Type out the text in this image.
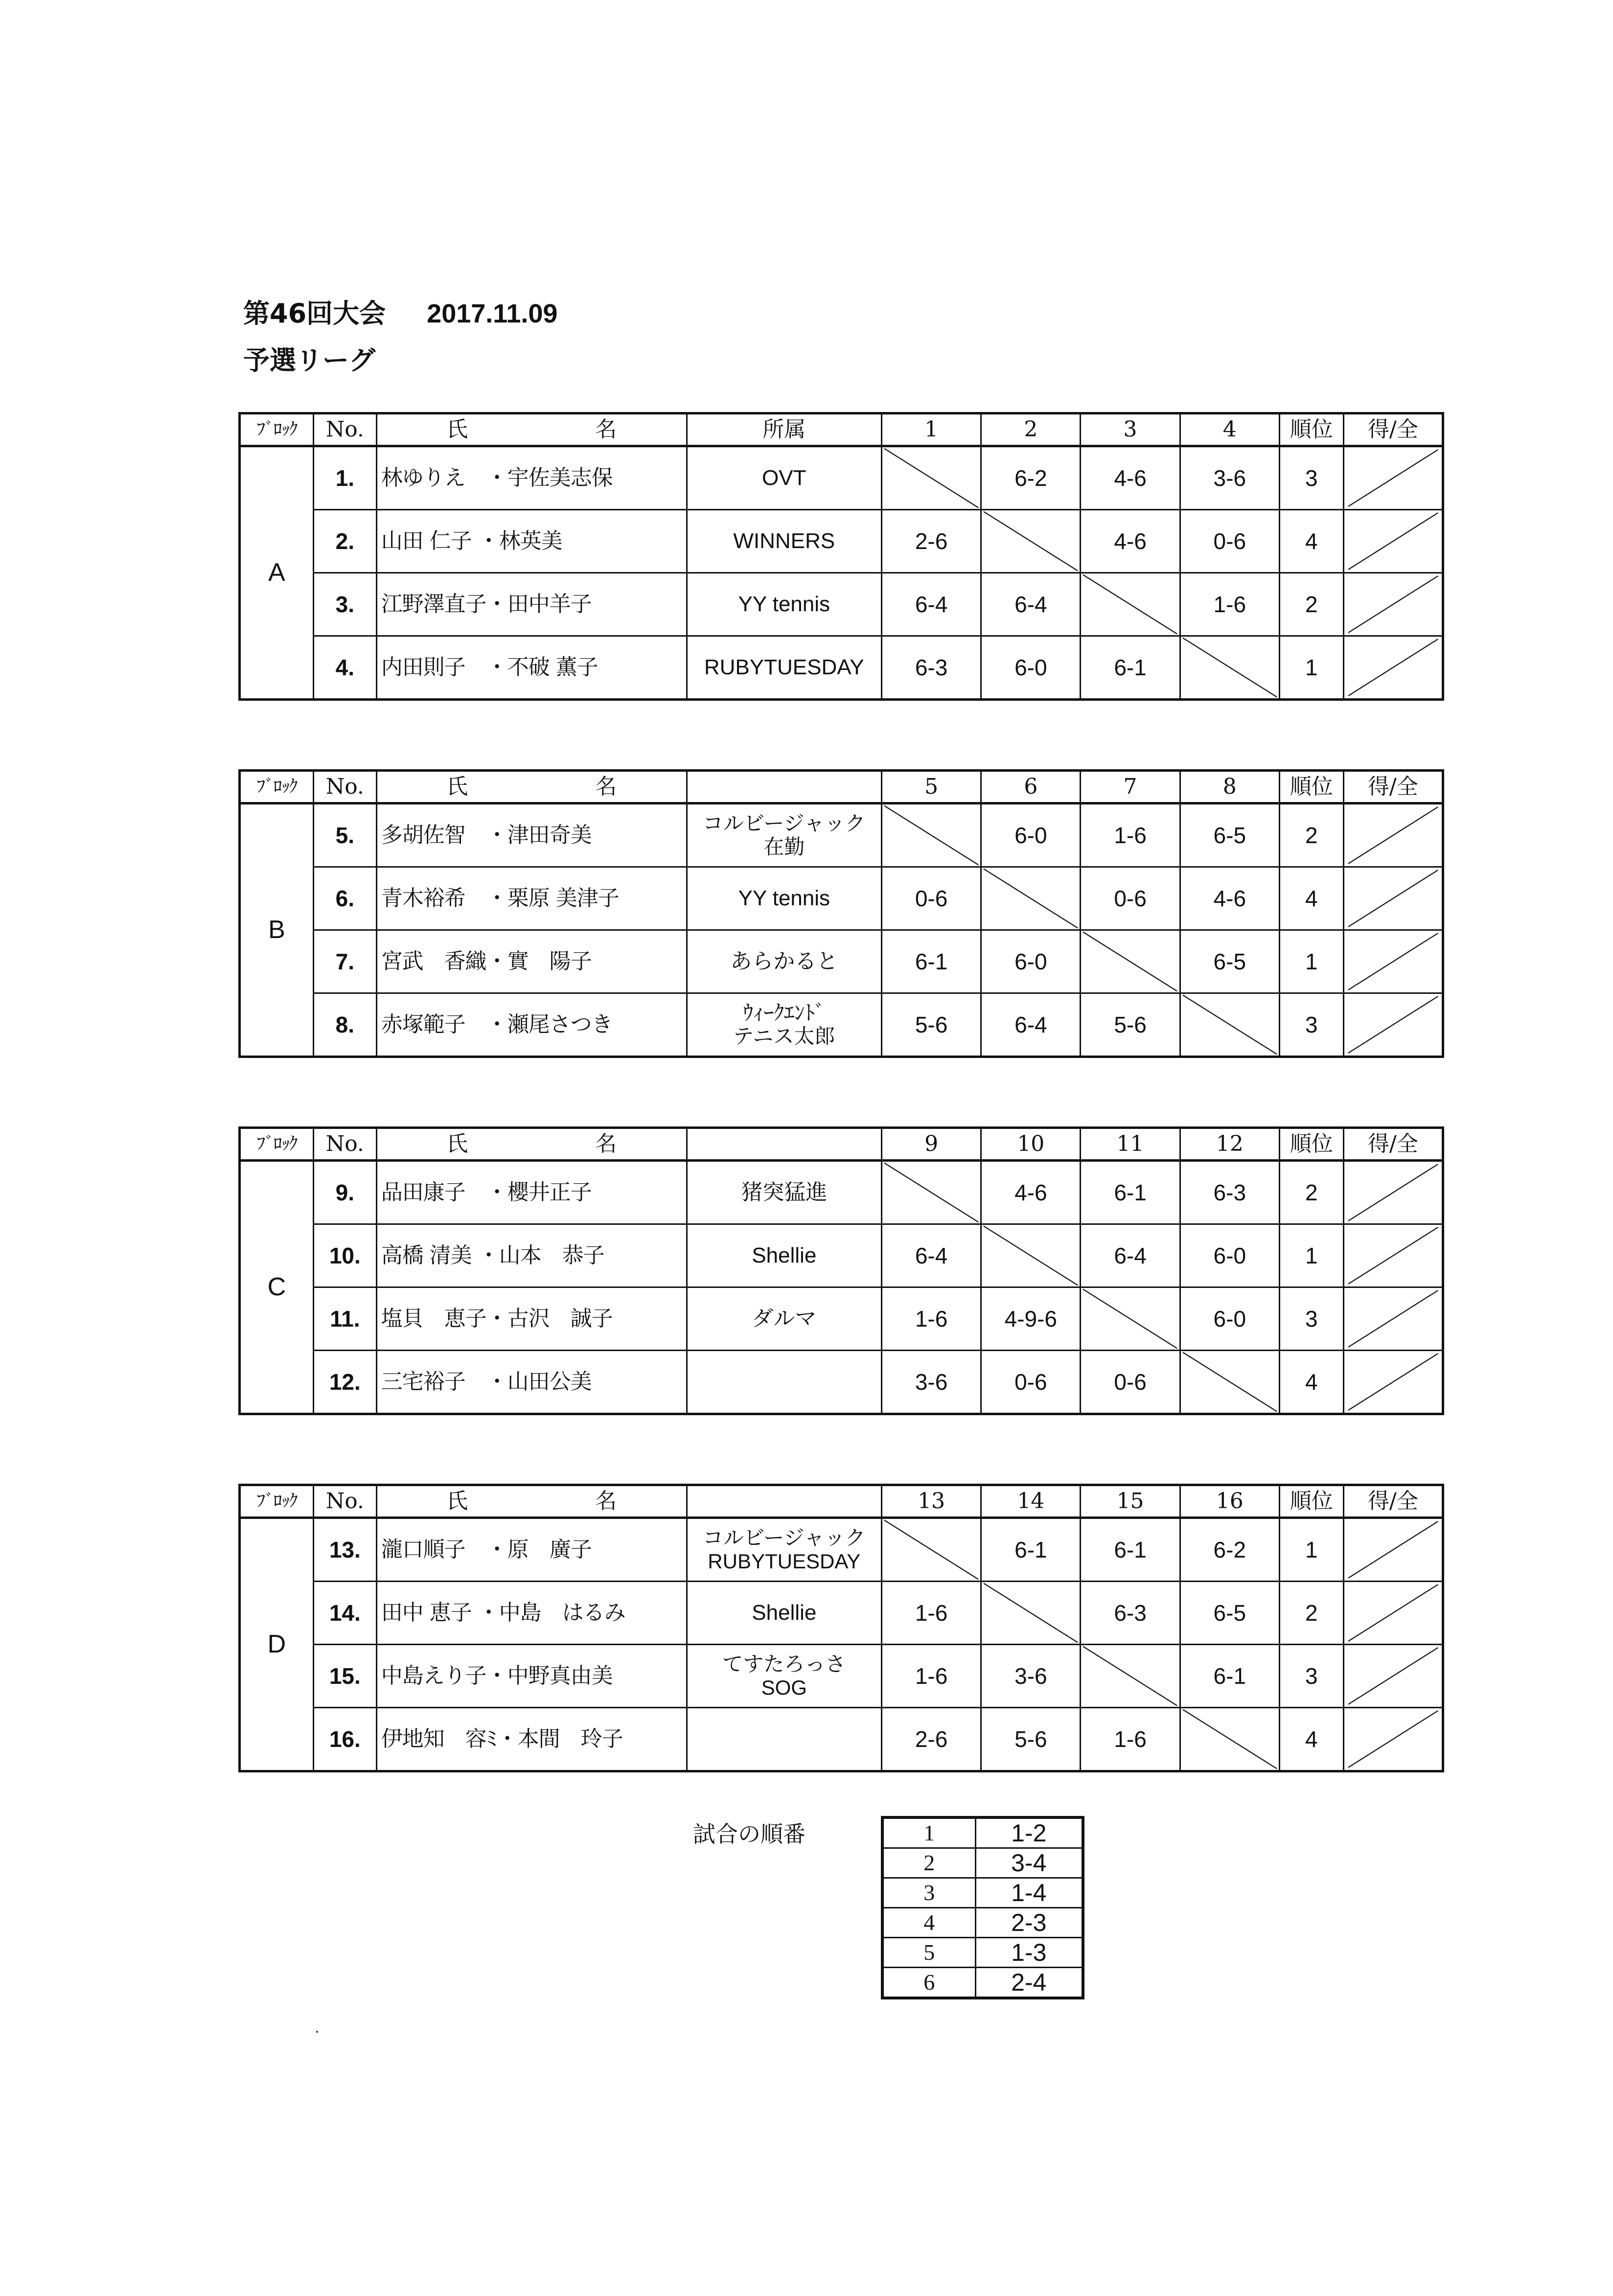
第46回大会 2017.11.09
予選リーグ
ﾌﾞﾛｯｸ	No.	氏 名	所属	1	2	3	4	順位	得/全
A	1.	林ゆりえ　・宇佐美志保	OVT		6-2	4-6	3-6	3	

	2.	山田 仁子 ・林英美	WINNERS	2-6		4-6	0-6	4	

	3.	江野澤直子・田中羊子	YY tennis	6-4	6-4		1-6	2	

	4.	内田則子　・不破 薫子	RUBYTUESDAY	6-3	6-0	6-1		1	
ﾌﾞﾛｯｸ	No.	氏 名		5	6	7	8	順位	得/全
B	5.	多胡佐智　・津田奇美	コルビージャック
在勤		6-0	1-6	6-5	2	

	6.	青木裕希　・栗原 美津子	YY tennis	0-6		0-6	4-6	4	

	7.	宮武　香織・實　陽子	あらかると	6-1	6-0		6-5	1	

	8.	赤塚範子　・瀬尾さつき	ｳｨｰｸｴﾝﾄﾞ
テニス太郎	5-6	6-4	5-6		3	
ﾌﾞﾛｯｸ	No.	氏 名		9	10	11	12	順位	得/全
C	9.	品田康子　・櫻井正子	猪突猛進		4-6	6-1	6-3	2	

	10.	高橋 清美 ・山本　恭子	Shellie	6-4		6-4	6-0	1	

	11.	塩貝　恵子・古沢　誠子	ダルマ	1-6	4-9-6		6-0	3	

	12.	三宅裕子　・山田公美		3-6	0-6	0-6		4	
ﾌﾞﾛｯｸ	No.	氏 名		13	14	15	16	順位	得/全
D	13.	瀧口順子　・原　廣子	コルビージャック
RUBYTUESDAY		6-1	6-1	6-2	1	

	14.	田中 恵子 ・中島　はるみ	Shellie	1-6		6-3	6-5	2	

	15.	中島えり子・中野真由美	てすたろっさ
SOG	1-6	3-6		6-1	3	

	16.	伊地知　容ﾐ・本間　玲子		2-6	5-6	1-6		4	
試合の順番	1	1-2
2	3-4
3	1-4
4	2-3
5	1-3
6	2-4
